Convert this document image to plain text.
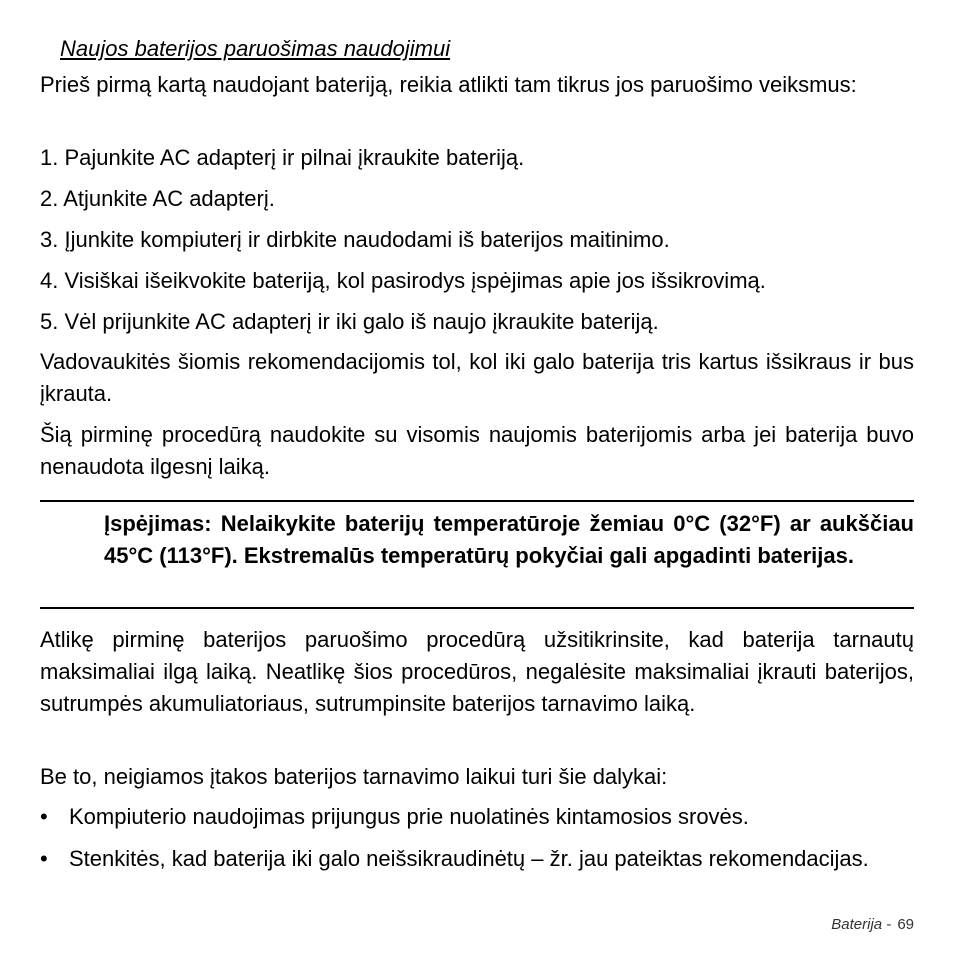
Naujos baterijos paruošimas naudojimui

Prieš pirmą kartą naudojant bateriją, reikia atlikti tam tikrus jos paruošimo veiksmus:

1. Pajunkite AC adapterį ir pilnai įkraukite bateriją.

2. Atjunkite AC adapterį.

3. Įjunkite kompiuterį ir dirbkite naudodami iš baterijos maitinimo.

4. Visiškai išeikvokite bateriją, kol pasirodys įspėjimas apie jos išsikrovimą.

5. Vėl prijunkite AC adapterį ir iki galo iš naujo įkraukite bateriją.

Vadovaukitės šiomis rekomendacijomis tol, kol iki galo baterija tris kartus išsikraus ir bus įkrauta.

Šią pirminę procedūrą naudokite su visomis naujomis baterijomis arba jei baterija buvo nenaudota ilgesnį laiką.

Įspėjimas: Nelaikykite baterijų temperatūroje žemiau 0°C (32°F) ar aukščiau 45°C (113°F). Ekstremalūs temperatūrų pokyčiai gali apgadinti baterijas.

Atlikę pirminę baterijos paruošimo procedūrą užsitikrinsite, kad baterija tarnautų maksimaliai ilgą laiką. Neatlikę šios procedūros, negalėsite maksimaliai įkrauti baterijos, sutrumpės akumuliatoriaus, sutrumpinsite baterijos tarnavimo laiką.

Be to, neigiamos įtakos baterijos tarnavimo laikui turi šie dalykai:

• Kompiuterio naudojimas prijungus prie nuolatinės kintamosios srovės.

• Stenkitės, kad baterija iki galo neišsikraudinėtų – žr. jau pateiktas rekomendacijas.

Baterija - 69
